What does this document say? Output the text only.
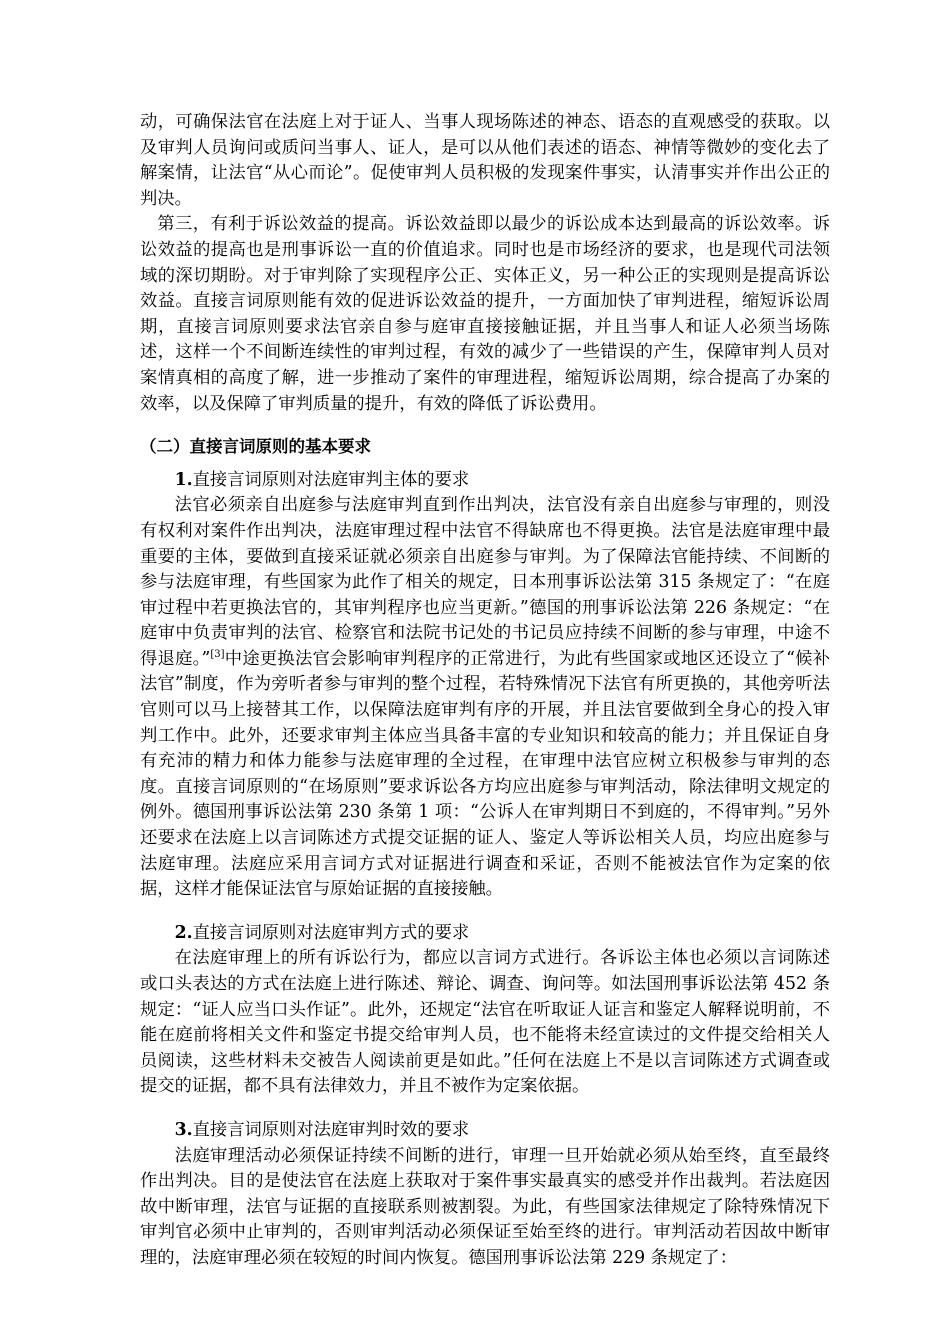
动，可确保法官在法庭上对于证人、当事人现场陈述的神态、语态的直观感受的获取。以及审判人员询问或质问当事人、证人，是可以从他们表述的语态、神情等微妙的变化去了解案情，让法官“从心而论”。促使审判人员积极的发现案件事实，认清事实并作出公正的判决。

第三，有利于诉讼效益的提高。诉讼效益即以最少的诉讼成本达到最高的诉讼效率。诉讼效益的提高也是刑事诉讼一直的价值追求。同时也是市场经济的要求，也是现代司法领域的深切期盼。对于审判除了实现程序公正、实体正义，另一种公正的实现则是提高诉讼效益。直接言词原则能有效的促进诉讼效益的提升，一方面加快了审判进程，缩短诉讼周期，直接言词原则要求法官亲自参与庭审直接接触证据，并且当事人和证人必须当场陈述，这样一个不间断连续性的审判过程，有效的减少了一些错误的产生，保障审判人员对案情真相的高度了解，进一步推动了案件的审理进程，缩短诉讼周期，综合提高了办案的效率，以及保障了审判质量的提升，有效的降低了诉讼费用。

（二）直接言词原则的基本要求

1.直接言词原则对法庭审判主体的要求

法官必须亲自出庭参与法庭审判直到作出判决，法官没有亲自出庭参与审理的，则没有权利对案件作出判决，法庭审理过程中法官不得缺席也不得更换。法官是法庭审理中最重要的主体，要做到直接采证就必须亲自出庭参与审判。为了保障法官能持续、不间断的参与法庭审理，有些国家为此作了相关的规定，日本刑事诉讼法第 315 条规定了：“在庭审过程中若更换法官的，其审判程序也应当更新。”德国的刑事诉讼法第 226 条规定：“在庭审中负责审判的法官、检察官和法院书记处的书记员应持续不间断的参与审理，中途不得退庭。”[3]中途更换法官会影响审判程序的正常进行，为此有些国家或地区还设立了“候补法官”制度，作为旁听者参与审判的整个过程，若特殊情况下法官有所更换的，其他旁听法官则可以马上接替其工作，以保障法庭审判有序的开展，并且法官要做到全身心的投入审判工作中。此外，还要求审判主体应当具备丰富的专业知识和较高的能力；并且保证自身有充沛的精力和体力能参与法庭审理的全过程，在审理中法官应树立积极参与审判的态度。直接言词原则的“在场原则”要求诉讼各方均应出庭参与审判活动，除法律明文规定的例外。德国刑事诉讼法第 230 条第 1 项：“公诉人在审判期日不到庭的，不得审判。”另外还要求在法庭上以言词陈述方式提交证据的证人、鉴定人等诉讼相关人员，均应出庭参与法庭审理。法庭应采用言词方式对证据进行调查和采证，否则不能被法官作为定案的依据，这样才能保证法官与原始证据的直接接触。

2.直接言词原则对法庭审判方式的要求

在法庭审理上的所有诉讼行为，都应以言词方式进行。各诉讼主体也必须以言词陈述或口头表达的方式在法庭上进行陈述、辩论、调查、询问等。如法国刑事诉讼法第 452 条规定：“证人应当口头作证”。此外，还规定“法官在听取证人证言和鉴定人解释说明前，不能在庭前将相关文件和鉴定书提交给审判人员，也不能将未经宣读过的文件提交给相关人员阅读，这些材料未交被告人阅读前更是如此。”任何在法庭上不是以言词陈述方式调查或提交的证据，都不具有法律效力，并且不被作为定案依据。

3.直接言词原则对法庭审判时效的要求

法庭审理活动必须保证持续不间断的进行，审理一旦开始就必须从始至终，直至最终作出判决。目的是使法官在法庭上获取对于案件事实最真实的感受并作出裁判。若法庭因故中断审理，法官与证据的直接联系则被割裂。为此，有些国家法律规定了除特殊情况下审判官必须中止审判的，否则审判活动必须保证至始至终的进行。审判活动若因故中断审理的，法庭审理必须在较短的时间内恢复。德国刑事诉讼法第 229 条规定了：
